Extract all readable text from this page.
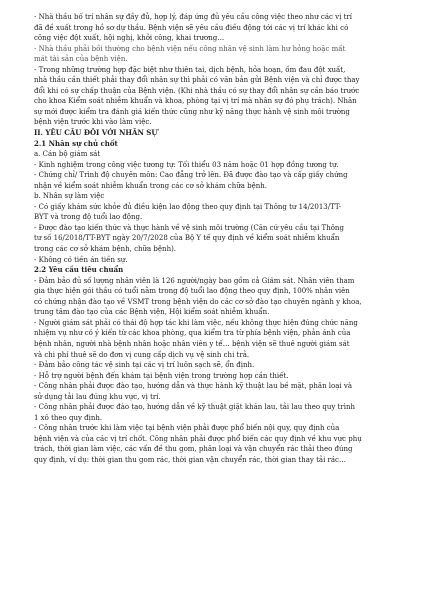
- Nhà thầu bố trí nhân sự đầy đủ, hợp lý, đáp ứng đủ yêu cầu công việc theo như các vị trí
đã đề xuất trong hồ sơ dự thầu. Bệnh viện sẽ yêu cầu điều động tới các vị trí khác khi có
công việc đột xuất, hội nghị, khởi công, khai trương…
- Nhà thầu phải bồi thường cho bệnh viện nếu công nhân vệ sinh làm hư hỏng hoặc mất
mát tài sản của bệnh viện.
- Trong những trường hợp đặc biệt như thiên tai, dịch bệnh, hỏa hoạn, ốm đau đột xuất,
nhà thầu cần thiết phải thay đổi nhân sự thì phải có văn bản gửi Bệnh viện và chỉ được thay
đổi khi có sự chấp thuận của Bệnh viện. (Khi nhà thầu có sự thay đổi nhân sự cần báo trước
cho khoa Kiểm soát nhiễm khuẩn và khoa, phòng tại vị trí mà nhân sự đó phụ trách). Nhân
sự mới được kiểm tra đánh giá kiến thức cũng như kỹ năng thực hành vệ sinh môi trường
bệnh viện trước khi vào làm việc.
II. YÊU CẦU ĐỐI VỚI NHÂN SỰ
2.1 Nhân sự chủ chốt
a. Cán bộ giám sát
- Kinh nghiệm trong công việc tương tự: Tối thiểu 03 năm hoặc 01 hợp đồng tương tự.
- Chứng chỉ/ Trình độ chuyên môn: Cao đẳng trở lên. Đã được đào tạo và cấp giấy chứng
nhận về kiểm soát nhiễm khuẩn trong các cơ sở khám chữa bệnh.
b. Nhân sự làm việc
- Có giấy khám sức khỏe đủ điều kiện lao động theo quy định tại Thông tư 14/2013/TT-
BYT và trong độ tuổi lao động.
- Được đào tạo kiến thức và thực hành về vệ sinh môi trường (Căn cứ yêu cầu tại Thông
tư số 16/2018/TT-BYT ngày 20/7/2028 của Bộ Y tế quy định về kiểm soát nhiễm khuẩn
trong các cơ sở khám bệnh, chữa bệnh).
- Không có tiền án tiền sự.
2.2 Yêu cầu tiêu chuẩn
- Đảm bảo đủ số lượng nhân viên là 126 người/ngày bao gồm cả Giám sát. Nhân viên tham
gia thực hiện gói thầu có tuổi nằm trong độ tuổi lao động theo quy định, 100% nhân viên
có chứng nhận đào tạo về VSMT trong bệnh viện do các cơ sở đào tạo chuyên ngành y khoa,
trung tâm đào tạo của các Bệnh viện, Hội kiểm soát nhiễm khuẩn.
- Người giám sát phải có thái độ hợp tác khi làm việc, nếu không thực hiện đúng chức năng
nhiệm vụ như có ý kiến từ các khoa phòng, qua kiểm tra từ phía bệnh viện, phản ánh của
bệnh nhân, người nhà bệnh nhân hoặc nhân viên y tế… bệnh viện sẽ thuê người giám sát
và chi phí thuê sẽ do đơn vị cung cấp dịch vụ vệ sinh chi trả.
- Đảm bảo công tác vệ sinh tại các vị trí luôn sạch sẽ, ổn định.
- Hỗ trợ người bệnh đến khám tại bệnh viện trong trường hợp cần thiết.
- Công nhân phải được đào tạo, hướng dẫn và thực hành kỹ thuật lau bề mặt, phân loại và
sử dụng tải lau đúng khu vực, vị trí.
- Công nhân phải được đào tạo, hướng dẫn về kỹ thuật giặt khăn lau, tải lau theo quy trình
1 xô theo quy định.
- Công nhân trước khi làm việc tại bệnh viện phải được phổ biến nội quy, quy định của
bệnh viện và của các vị trí chốt. Công nhân phải được phổ biến các quy định về khu vực phụ
trách, thời gian làm việc, các vấn đề thu gom, phân loại và vận chuyển rác thải theo đúng
quy định, ví dụ: thời gian thu gom rác, thời gian vận chuyển rác, thời gian thay tải rác…
